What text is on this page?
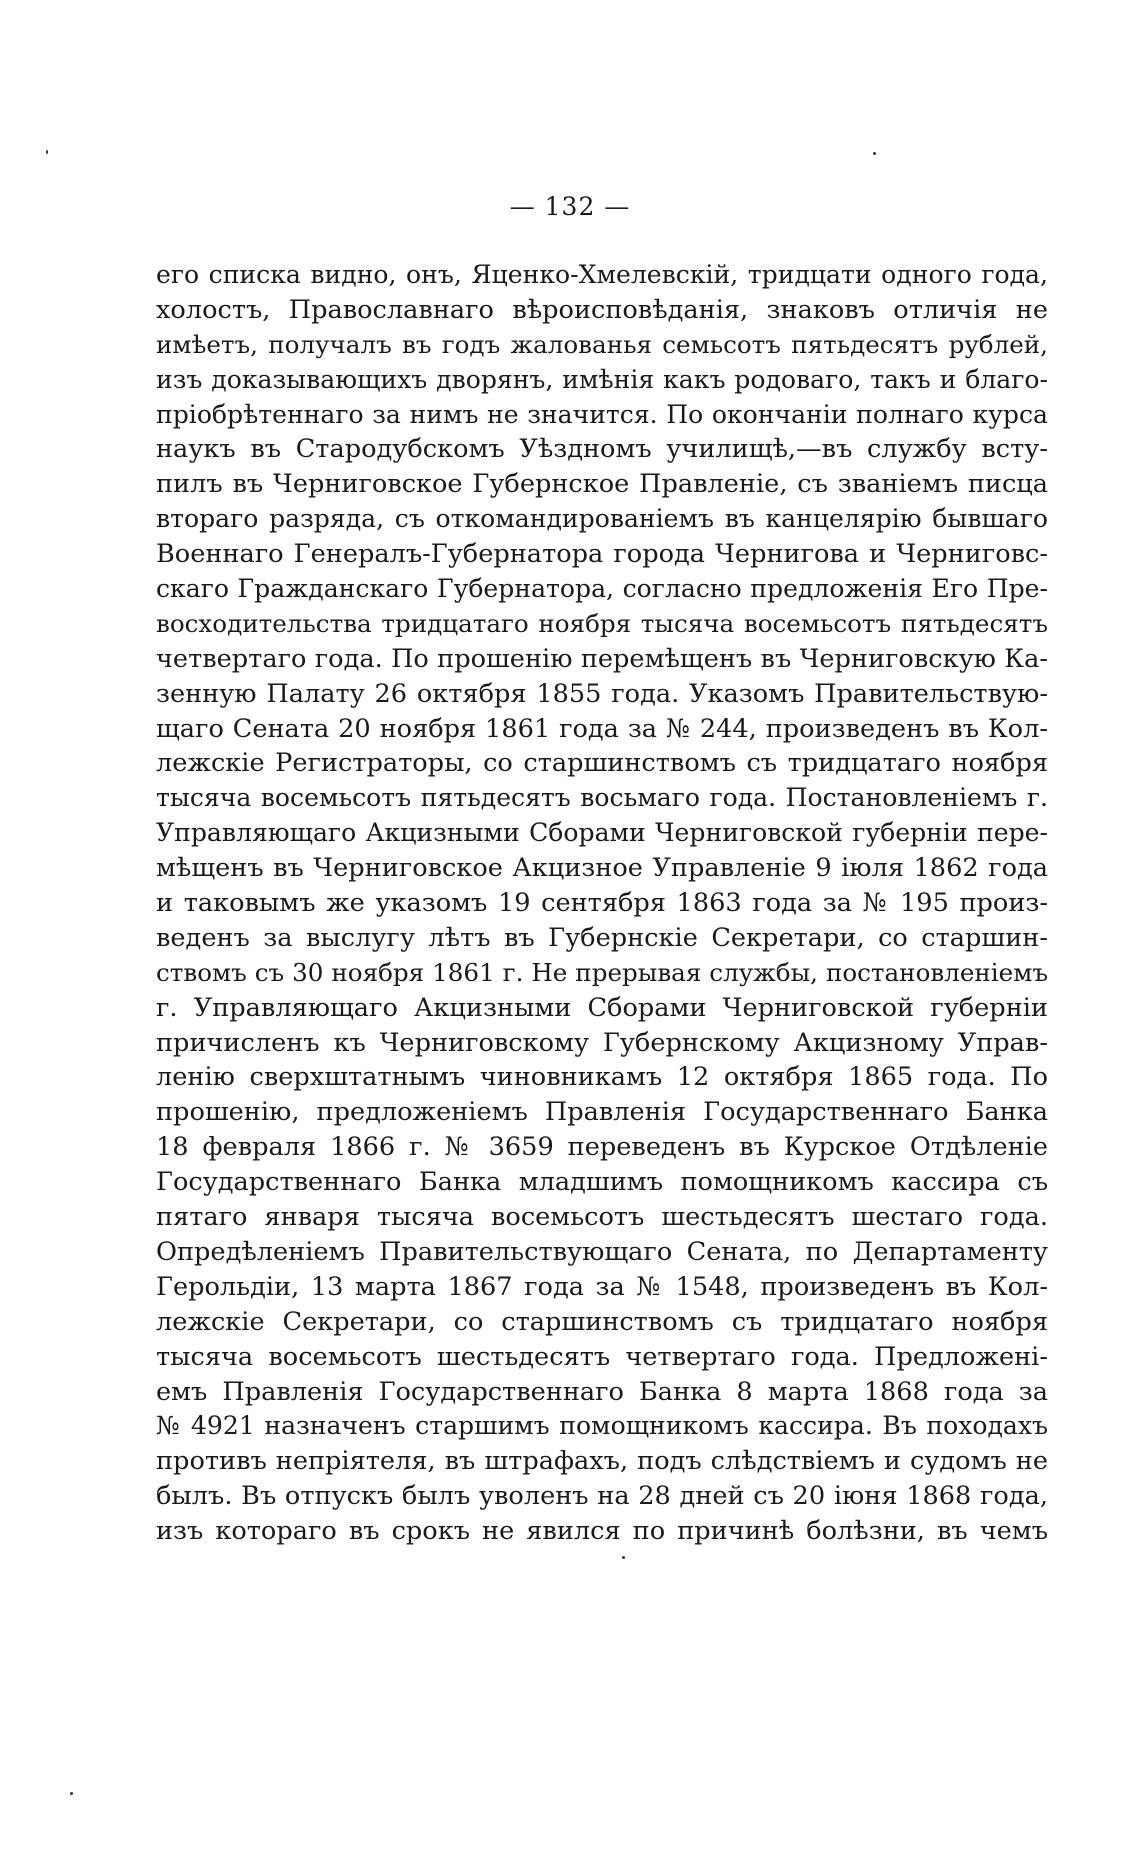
— 132 —
его списка видно, онъ, Яценко-Хмелевскій, тридцати одного года,
холостъ, Православнаго вѣроисповѣданія, знаковъ отличія не
имѣетъ, получалъ въ годъ жалованья семьсотъ пятьдесятъ рублей,
изъ доказывающихъ дворянъ, имѣнія какъ родоваго, такъ и благо-
пріобрѣтеннаго за нимъ не значится. По окончаніи полнаго курса
наукъ въ Стародубскомъ Уѣздномъ училищѣ,—въ службу всту-
пилъ въ Черниговское Губернское Правленіе, съ званіемъ писца
втораго разряда, съ откомандированіемъ въ канцелярію бывшаго
Военнаго Генералъ-Губернатора города Чернигова и Черниговс-
скаго Гражданскаго Губернатора, согласно предложенія Его Пре-
восходительства тридцатаго ноября тысяча восемьсотъ пятьдесятъ
четвертаго года. По прошенію перемѣщенъ въ Черниговскую Ка-
зенную Палату 26 октября 1855 года. Указомъ Правительствую-
щаго Сената 20 ноября 1861 года за № 244, произведенъ въ Кол-
лежскіе Регистраторы, со старшинствомъ съ тридцатаго ноября
тысяча восемьсотъ пятьдесятъ восьмаго года. Постановленіемъ г.
Управляющаго Акцизными Сборами Черниговской губерніи пере-
мѣщенъ въ Черниговское Акцизное Управленіе 9 іюля 1862 года
и таковымъ же указомъ 19 сентября 1863 года за № 195 произ-
веденъ за выслугу лѣтъ въ Губернскіе Секретари, со старшин-
ствомъ съ 30 ноября 1861 г. Не прерывая службы, постановленіемъ
г. Управляющаго Акцизными Сборами Черниговской губерніи
причисленъ къ Черниговскому Губернскому Акцизному Управ-
ленію сверхштатнымъ чиновникамъ 12 октября 1865 года. По
прошенію, предложеніемъ Правленія Государственнаго Банка
18 февраля 1866 г. № 3659 переведенъ въ Курское Отдѣленіе
Государственнаго Банка младшимъ помощникомъ кассира съ
пятаго января тысяча восемьсотъ шестьдесятъ шестаго года.
Опредѣленіемъ Правительствующаго Сената, по Департаменту
Герольдіи, 13 марта 1867 года за № 1548, произведенъ въ Кол-
лежскіе Секретари, со старшинствомъ съ тридцатаго ноября
тысяча восемьсотъ шестьдесятъ четвертаго года. Предложені-
емъ Правленія Государственнаго Банка 8 марта 1868 года за
№ 4921 назначенъ старшимъ помощникомъ кассира. Въ походахъ
противъ непріятеля, въ штрафахъ, подъ слѣдствіемъ и судомъ не
былъ. Въ отпускъ былъ уволенъ на 28 дней съ 20 іюня 1868 года,
изъ котораго въ срокъ не явился по причинѣ болѣзни, въ чемъ
